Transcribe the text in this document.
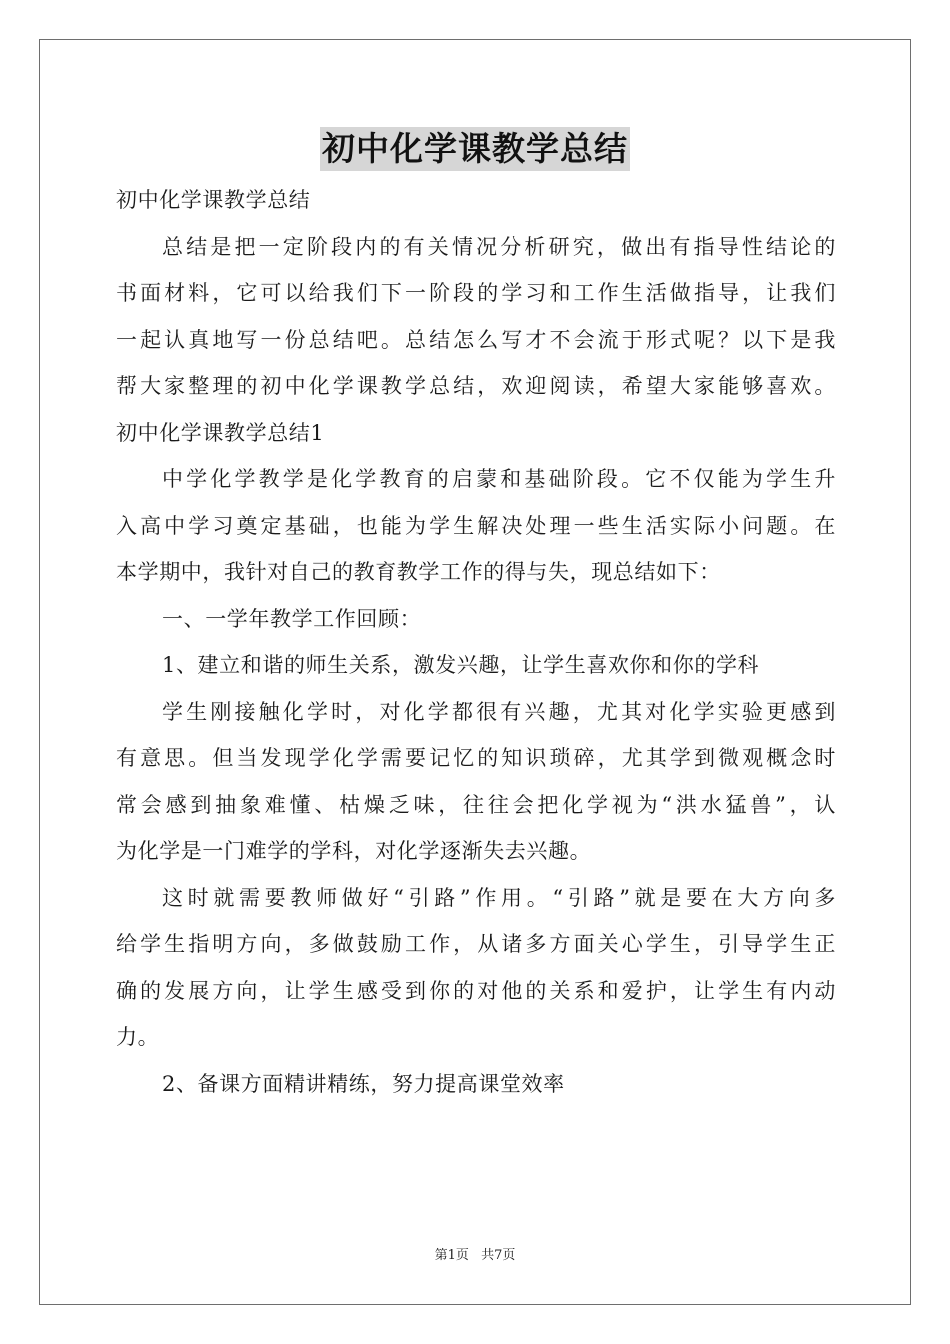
初中化学课教学总结
初中化学课教学总结
总结是把一定阶段内的有关情况分析研究，做出有指导性结论的
书面材料，它可以给我们下一阶段的学习和工作生活做指导，让我们
一起认真地写一份总结吧。总结怎么写才不会流于形式呢？以下是我
帮大家整理的初中化学课教学总结，欢迎阅读，希望大家能够喜欢。
初中化学课教学总结1
中学化学教学是化学教育的启蒙和基础阶段。它不仅能为学生升
入高中学习奠定基础，也能为学生解决处理一些生活实际小问题。在
本学期中，我针对自己的教育教学工作的得与失，现总结如下：
一、一学年教学工作回顾：
1、建立和谐的师生关系，激发兴趣，让学生喜欢你和你的学科
学生刚接触化学时，对化学都很有兴趣，尤其对化学实验更感到
有意思。但当发现学化学需要记忆的知识琐碎，尤其学到微观概念时
常会感到抽象难懂、枯燥乏味，往往会把化学视为“洪水猛兽”，认
为化学是一门难学的学科，对化学逐渐失去兴趣。
这时就需要教师做好“引路”作用。“引路”就是要在大方向多
给学生指明方向，多做鼓励工作，从诸多方面关心学生，引导学生正
确的发展方向，让学生感受到你的对他的关系和爱护，让学生有内动
力。
2、备课方面精讲精练，努力提高课堂效率
第1页 共7页
